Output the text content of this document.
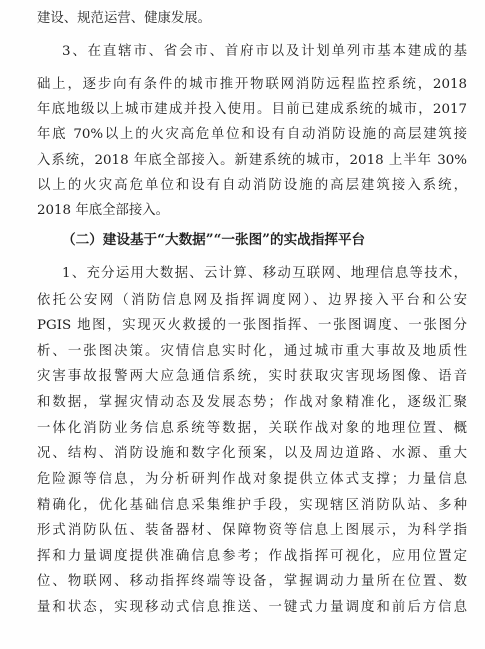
建设、规范运营、健康发展。
3、在直辖市、省会市、首府市以及计划单列市基本建成的基
础上，逐步向有条件的城市推开物联网消防远程监控系统，2018
年底地级以上城市建成并投入使用。目前已建成系统的城市，2017
年底 70%以上的火灾高危单位和设有自动消防设施的高层建筑接
入系统，2018 年底全部接入。新建系统的城市，2018 上半年 30%
以上的火灾高危单位和设有自动消防设施的高层建筑接入系统，
2018 年底全部接入。
（二）建设基于“大数据”“一张图”的实战指挥平台
1、充分运用大数据、云计算、移动互联网、地理信息等技术，
依托公安网（消防信息网及指挥调度网）、边界接入平台和公安
PGIS 地图，实现灭火救援的一张图指挥、一张图调度、一张图分
析、一张图决策。灾情信息实时化，通过城市重大事故及地质性
灾害事故报警两大应急通信系统，实时获取灾害现场图像、语音
和数据，掌握灾情动态及发展态势；作战对象精准化，逐级汇聚
一体化消防业务信息系统等数据，关联作战对象的地理位置、概
况、结构、消防设施和数字化预案，以及周边道路、水源、重大
危险源等信息，为分析研判作战对象提供立体式支撑；力量信息
精确化，优化基础信息采集维护手段，实现辖区消防队站、多种
形式消防队伍、装备器材、保障物资等信息上图展示，为科学指
挥和力量调度提供准确信息参考；作战指挥可视化，应用位置定
位、物联网、移动指挥终端等设备，掌握调动力量所在位置、数
量和状态，实现移动式信息推送、一键式力量调度和前后方信息
